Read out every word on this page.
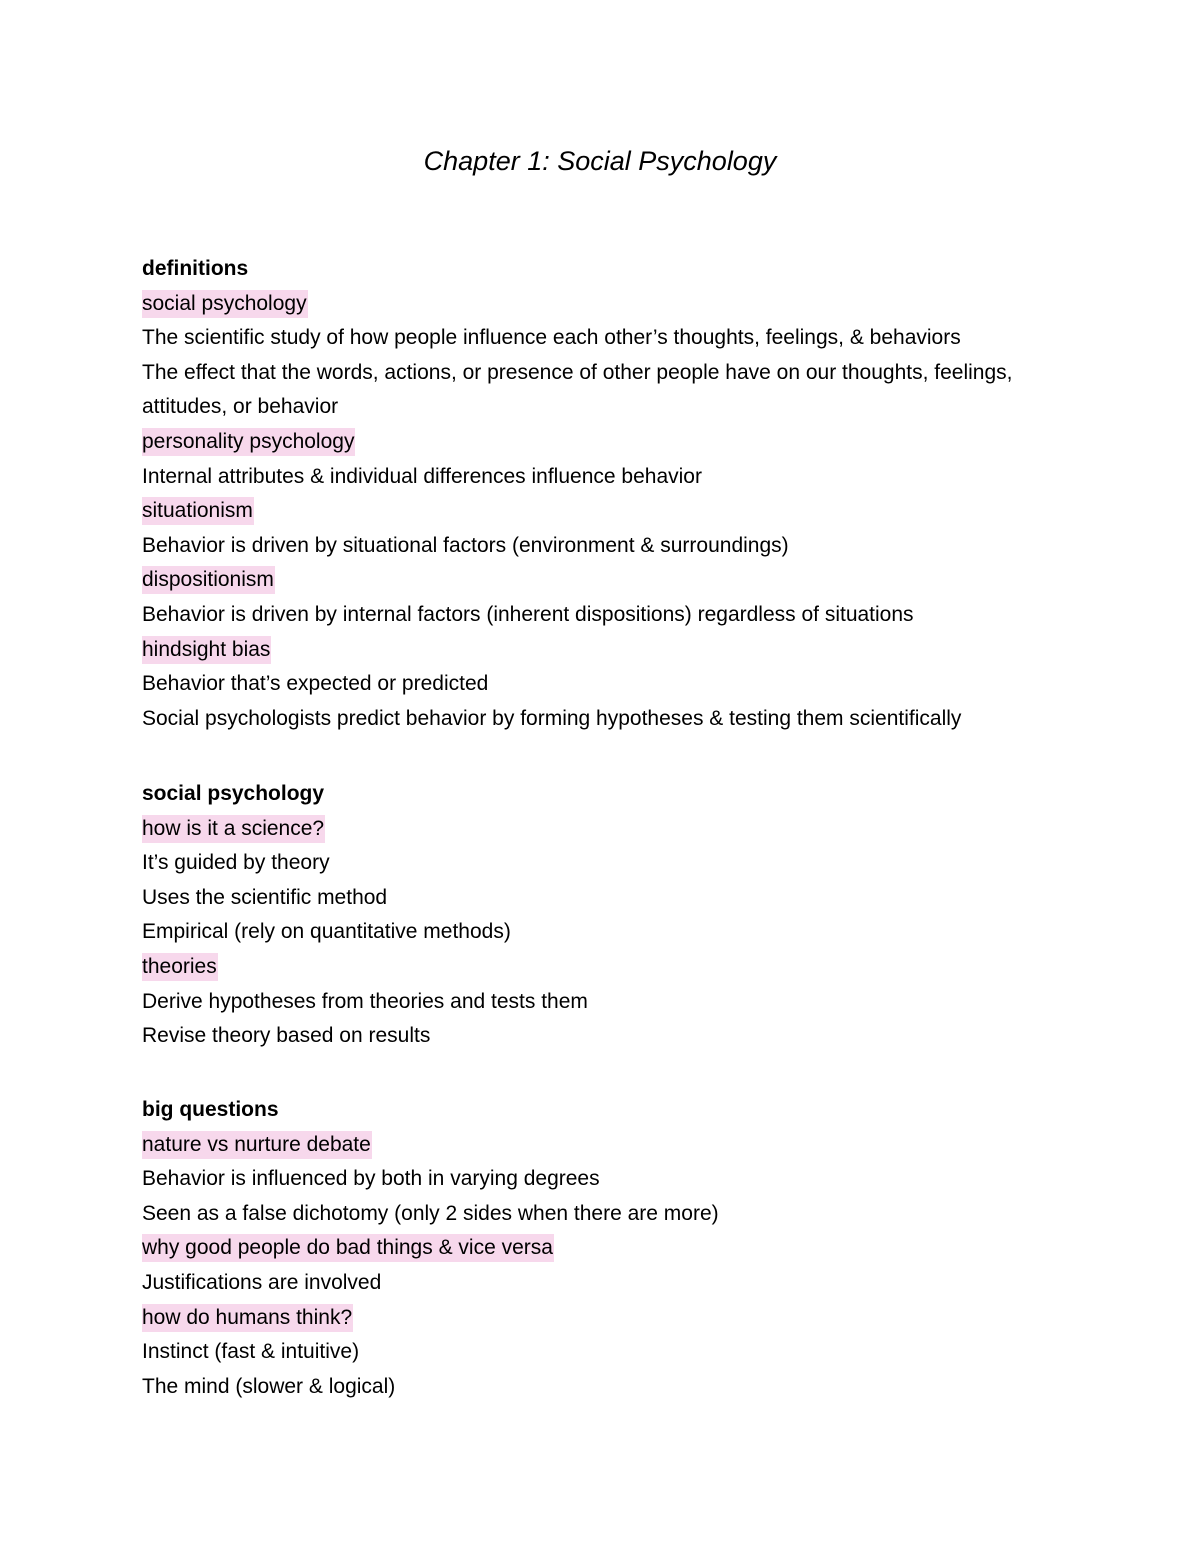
Chapter 1: Social Psychology
definitions
social psychology
The scientific study of how people influence each other’s thoughts, feelings, & behaviors
The effect that the words, actions, or presence of other people have on our thoughts, feelings, attitudes, or behavior
personality psychology
Internal attributes & individual differences influence behavior
situationism
Behavior is driven by situational factors (environment & surroundings)
dispositionism
Behavior is driven by internal factors (inherent dispositions) regardless of situations
hindsight bias
Behavior that’s expected or predicted
Social psychologists predict behavior by forming hypotheses & testing them scientifically
social psychology
how is it a science?
It’s guided by theory
Uses the scientific method
Empirical (rely on quantitative methods)
theories
Derive hypotheses from theories and tests them
Revise theory based on results
big questions
nature vs nurture debate
Behavior is influenced by both in varying degrees
Seen as a false dichotomy (only 2 sides when there are more)
why good people do bad things & vice versa
Justifications are involved
how do humans think?
Instinct (fast & intuitive)
The mind (slower & logical)
